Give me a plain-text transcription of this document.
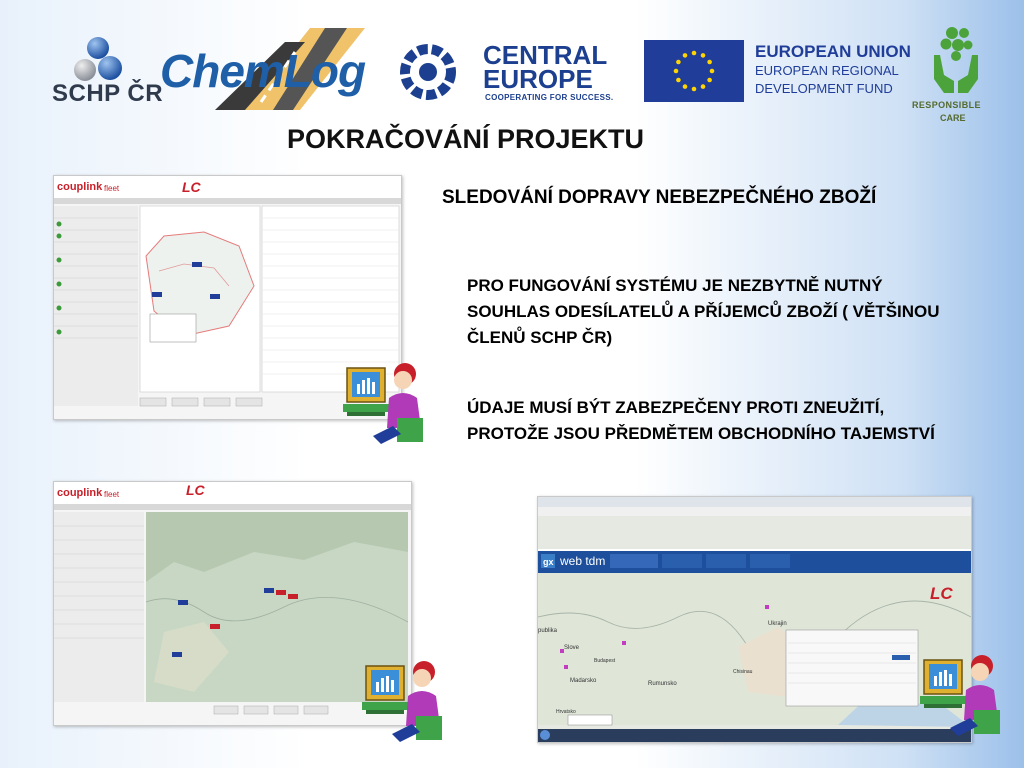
SCHP ČR
ChemLog	CENTRAL
EUROPE
COOPERATING FOR SUCCESS.
EUROPEAN UNION
EUROPEAN REGIONAL
DEVELOPMENT FUND
RESPONSIBLE
CARE
POKRAČOVÁNÍ PROJEKTU
SLEDOVÁNÍ DOPRAVY NEBEZPEČNÉHO ZBOŽÍ
PRO FUNGOVÁNÍ SYSTÉMU JE NEZBYTNĚ NUTNÝ SOUHLAS ODESÍLATELŮ A PŘÍJEMCŮ ZBOŽÍ ( VĚTŠINOU ČLENŮ SCHP ČR)
ÚDAJE MUSÍ BÝT ZABEZPEČENY PROTI ZNEUŽITÍ, PROTOŽE JSOU PŘEDMĚTEM OBCHODNÍHO TAJEMSTVÍ
couplink fleet	LC
couplink fleet	LC
gx web tdm
publika
Slove
Budapest
Madarsko	Rumunsko
Ukrajin
Chisinau
Hrvatsko
LC
